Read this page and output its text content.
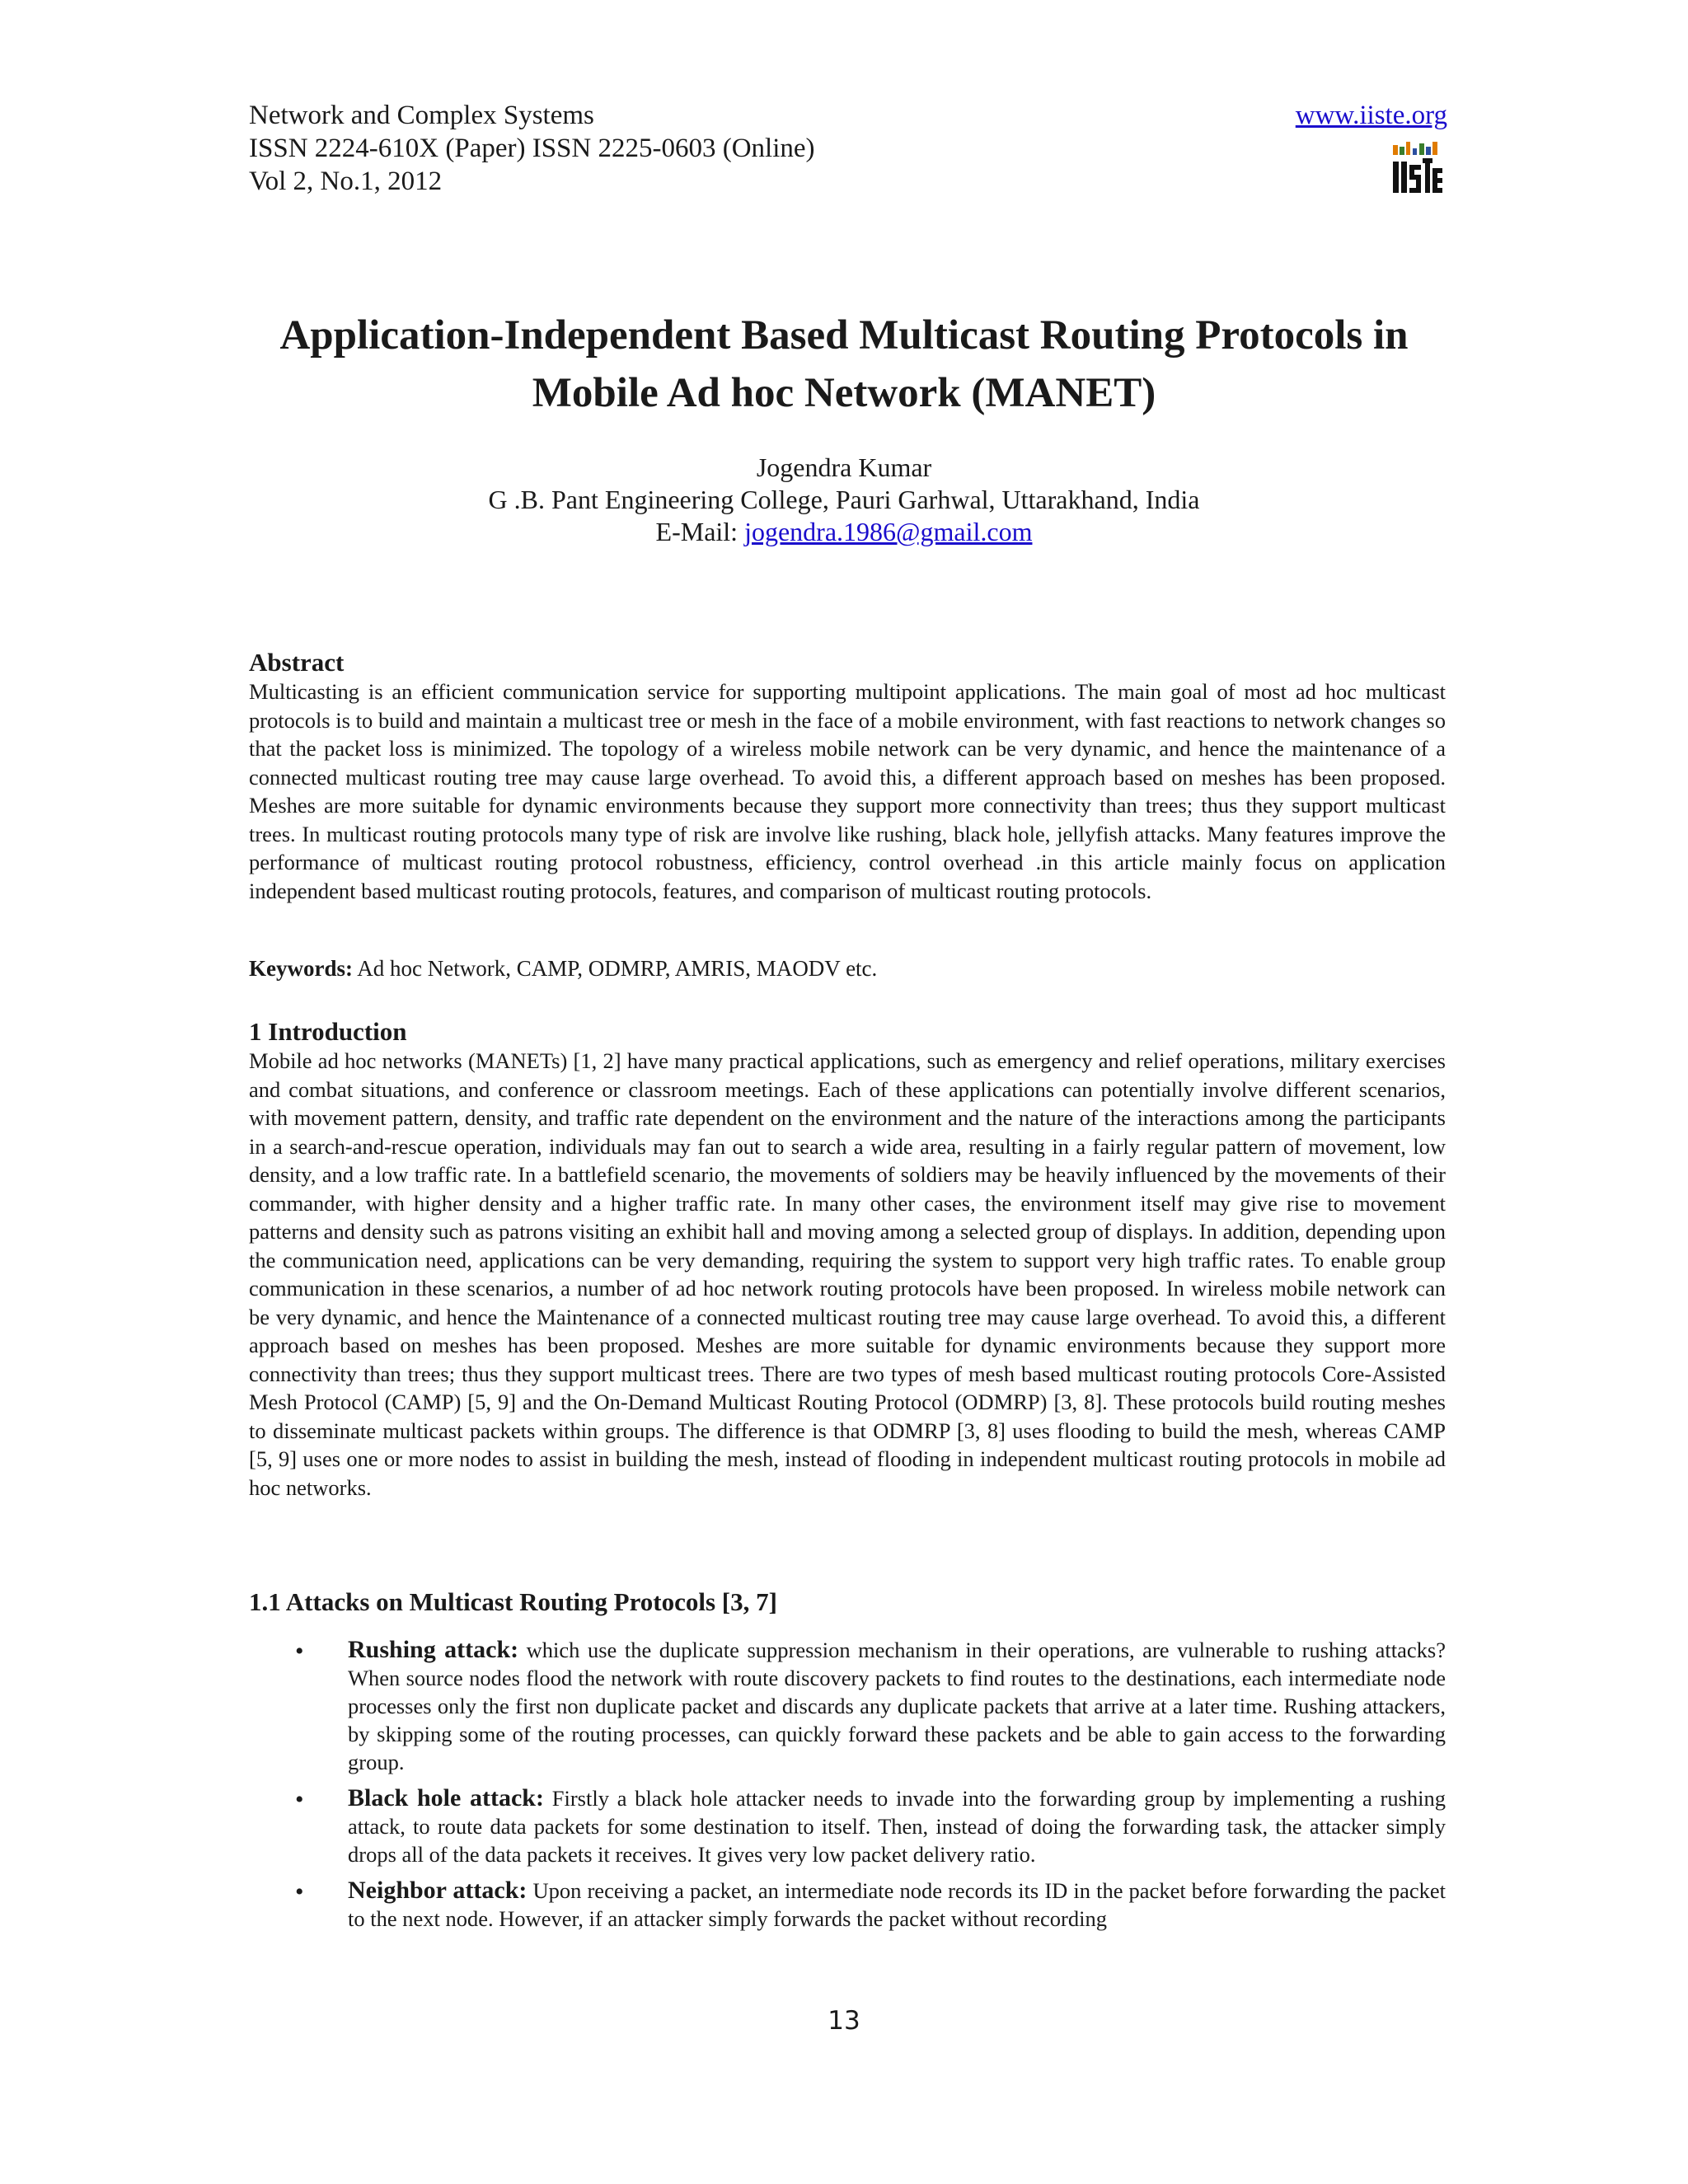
Network and Complex Systems
ISSN 2224-610X (Paper) ISSN 2225-0603 (Online)
Vol 2, No.1, 2012
www.iiste.org
Application-Independent Based Multicast Routing Protocols in
Mobile Ad hoc Network (MANET)
Jogendra Kumar
G .B. Pant Engineering College, Pauri Garhwal, Uttarakhand, India
E-Mail: jogendra.1986@gmail.com
Abstract

Multicasting is an efficient communication service for supporting multipoint applications. The main goal of most ad hoc multicast protocols is to build and maintain a multicast tree or mesh in the face of a mobile environment, with fast reactions to network changes so that the packet loss is minimized. The topology of a wireless mobile network can be very dynamic, and hence the maintenance of a connected multicast routing tree may cause large overhead. To avoid this, a different approach based on meshes has been proposed. Meshes are more suitable for dynamic environments because they support more connectivity than trees; thus they support multicast trees. In multicast routing protocols many type of risk are involve like rushing, black hole, jellyfish attacks. Many features improve the performance of multicast routing protocol robustness, efficiency, control overhead .in this article mainly focus on application independent based multicast routing protocols, features, and comparison of multicast routing protocols.

Keywords: Ad hoc Network, CAMP, ODMRP, AMRIS, MAODV etc.
1 Introduction

Mobile ad hoc networks (MANETs) [1, 2] have many practical applications, such as emergency and relief operations, military exercises and combat situations, and conference or classroom meetings. Each of these applications can potentially involve different scenarios, with movement pattern, density, and traffic rate dependent on the environment and the nature of the interactions among the participants in a search-and-rescue operation, individuals may fan out to search a wide area, resulting in a fairly regular pattern of movement, low density, and a low traffic rate. In a battlefield scenario, the movements of soldiers may be heavily influenced by the movements of their commander, with higher density and a higher traffic rate. In many other cases, the environment itself may give rise to movement patterns and density such as patrons visiting an exhibit hall and moving among a selected group of displays. In addition, depending upon the communication need, applications can be very demanding, requiring the system to support very high traffic rates. To enable group communication in these scenarios, a number of ad hoc network routing protocols have been proposed. In wireless mobile network can be very dynamic, and hence the Maintenance of a connected multicast routing tree may cause large overhead. To avoid this, a different approach based on meshes has been proposed. Meshes are more suitable for dynamic environments because they support more connectivity than trees; thus they support multicast trees. There are two types of mesh based multicast routing protocols Core-Assisted Mesh Protocol (CAMP) [5, 9] and the On-Demand Multicast Routing Protocol (ODMRP) [3, 8]. These protocols build routing meshes to disseminate multicast packets within groups. The difference is that ODMRP [3, 8] uses flooding to build the mesh, whereas CAMP [5, 9] uses one or more nodes to assist in building the mesh, instead of flooding in independent multicast routing protocols in mobile ad hoc networks.

1.1 Attacks on Multicast Routing Protocols [3, 7]
• Rushing attack: which use the duplicate suppression mechanism in their operations, are vulnerable to rushing attacks? When source nodes flood the network with route discovery packets to find routes to the destinations, each intermediate node processes only the first non duplicate packet and discards any duplicate packets that arrive at a later time. Rushing attackers, by skipping some of the routing processes, can quickly forward these packets and be able to gain access to the forwarding group.

• Black hole attack: Firstly a black hole attacker needs to invade into the forwarding group by implementing a rushing attack, to route data packets for some destination to itself. Then, instead of doing the forwarding task, the attacker simply drops all of the data packets it receives. It gives very low packet delivery ratio.

• Neighbor attack: Upon receiving a packet, an intermediate node records its ID in the packet before forwarding the packet to the next node. However, if an attacker simply forwards the packet without recording

13
